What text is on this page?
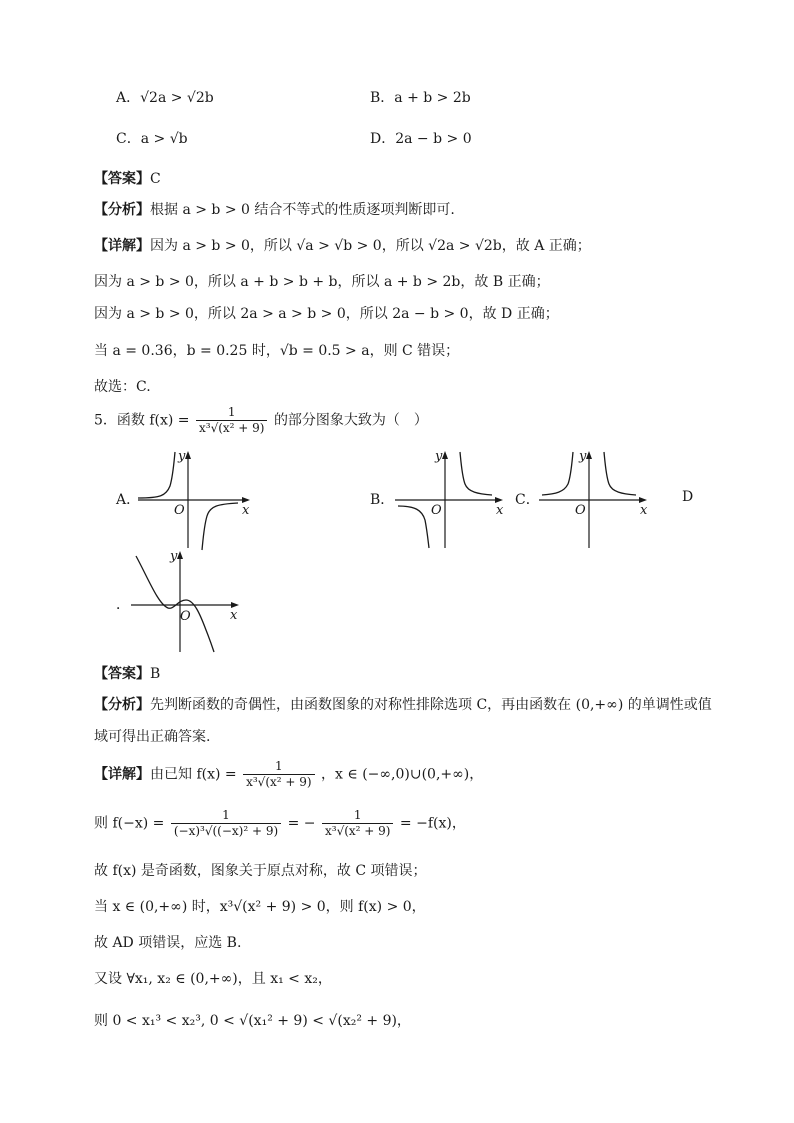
A．√2a > √2b	B．a + b > 2b
C．a > √b	D．2a − b > 0
【答案】C
【分析】根据 a > b > 0 结合不等式的性质逐项判断即可.
【详解】因为 a > b > 0，所以 √a > √b > 0，所以 √2a > √2b，故 A 正确；
因为 a > b > 0，所以 a + b > b + b，所以 a + b > 2b，故 B 正确；
因为 a > b > 0，所以 2a > a > b > 0，所以 2a − b > 0，故 D 正确；
当 a = 0.36，b = 0.25 时，√b = 0.5 > a，则 C 错误；
故选：C.
5．函数 $f(x) = \frac{1}{\text{x³√(x² + 9)}}$ 的部分图象大致为（　）
A．	B．	C．	D
．
x
y
O	x
y
O	x
y
O
x
y
O
【答案】B
【分析】先判断函数的奇偶性，由函数图象的对称性排除选项 C，再由函数在 (0,+∞) 的单调性或值
域可得出正确答案.
【详解】由已知 $f(x) = \frac{1}{\text{x³√(x² + 9)}}$ ，x ∈ (−∞,0)∪(0,+∞)，
则 $f(-x) = \frac{1}{\text{(−x)³√((−x)² + 9)}}$ = − $\frac{1}{\text{x³√(x² + 9)}} = -f(x)$，
故 f(x) 是奇函数，图象关于原点对称，故 C 项错误；
当 x ∈ (0,+∞) 时，x³√(x² + 9) > 0，则 f(x) > 0，
故 AD 项错误，应选 B.
又设 ∀x₁, x₂ ∈ (0,+∞)，且 x₁ < x₂，
则 0 < x₁³ < x₂³, 0 < √(x₁² + 9) < √(x₂² + 9)，
